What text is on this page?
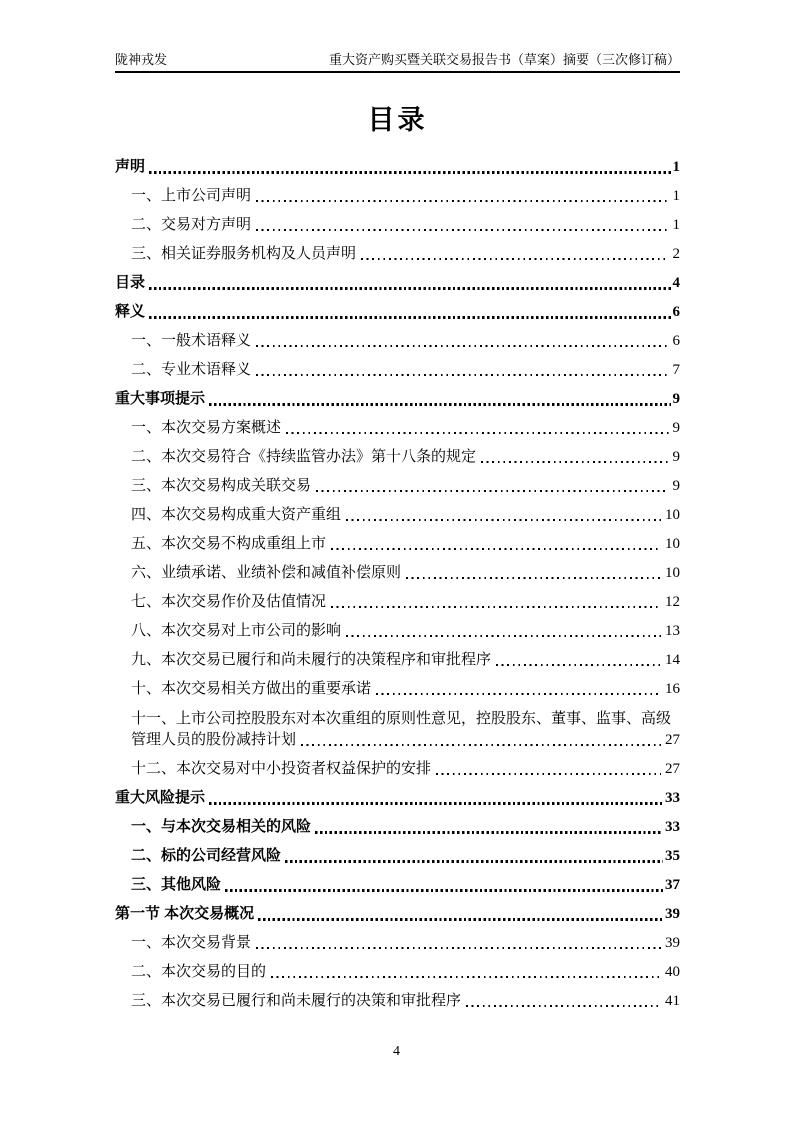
陇神戎发	重大资产购买暨关联交易报告书（草案）摘要（三次修订稿）
目录
声明	1
一、上市公司声明	1
二、交易对方声明	1
三、相关证券服务机构及人员声明	2
目录	4
释义	6
一、一般术语释义	6
二、专业术语释义	7
重大事项提示	9
一、本次交易方案概述	9
二、本次交易符合《持续监管办法》第十八条的规定	9
三、本次交易构成关联交易	9
四、本次交易构成重大资产重组	10
五、本次交易不构成重组上市	10
六、业绩承诺、业绩补偿和减值补偿原则	10
七、本次交易作价及估值情况	12
八、本次交易对上市公司的影响	13
九、本次交易已履行和尚未履行的决策程序和审批程序	14
十、本次交易相关方做出的重要承诺	16
十一、上市公司控股股东对本次重组的原则性意见，控股股东、董事、监事、高级
管理人员的股份减持计划	27
十二、本次交易对中小投资者权益保护的安排	27
重大风险提示	33
一、与本次交易相关的风险	33
二、标的公司经营风险	35
三、其他风险	37
第一节 本次交易概况	39
一、本次交易背景	39
二、本次交易的目的	40
三、本次交易已履行和尚未履行的决策和审批程序	41
4
